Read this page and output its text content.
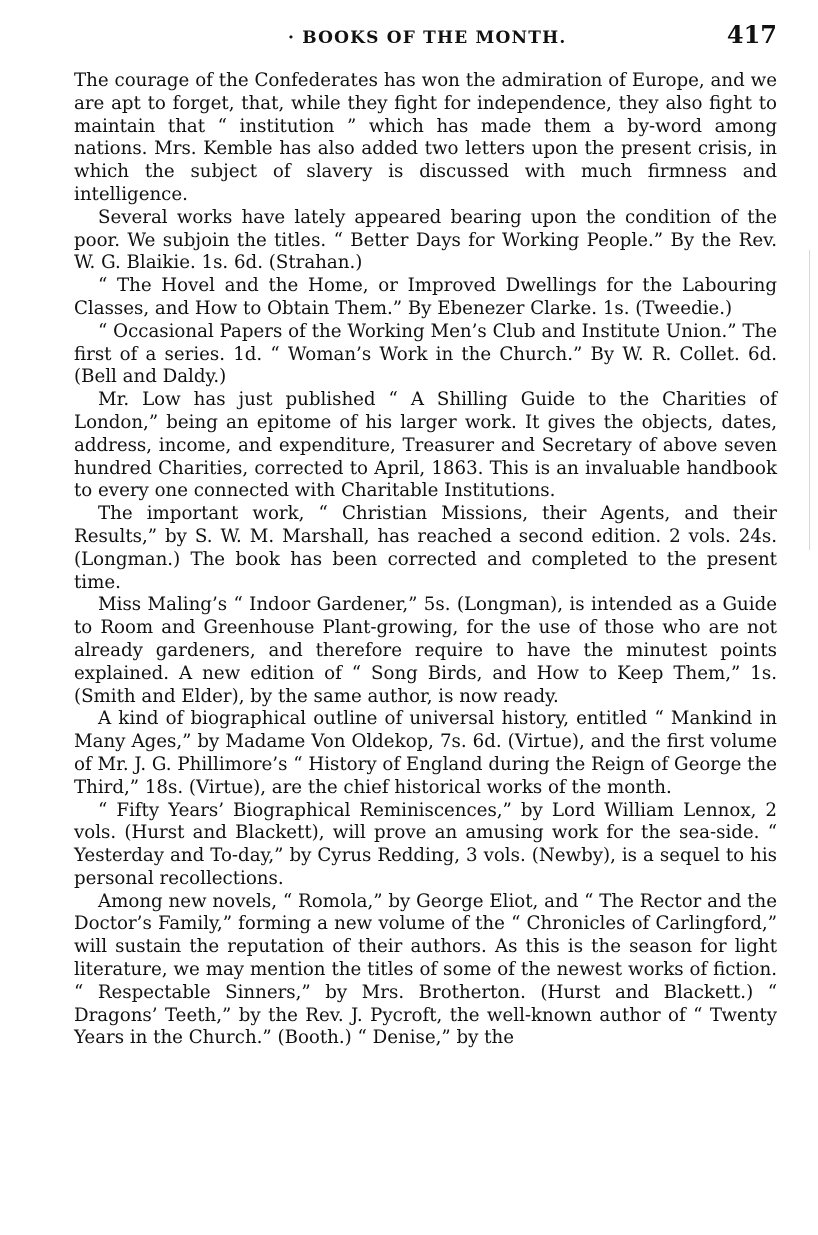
· BOOKS OF THE MONTH.	417

The courage of the Confederates has won the admiration of Europe, and we are apt to forget, that, while they fight for independence, they also fight to maintain that “ institution ” which has made them a by-word among nations. Mrs. Kemble has also added two letters upon the present crisis, in which the subject of slavery is discussed with much firmness and intelligence.

Several works have lately appeared bearing upon the condition of the poor. We subjoin the titles. “ Better Days for Working People.” By the Rev. W. G. Blaikie. 1s. 6d. (Strahan.)

“ The Hovel and the Home, or Improved Dwellings for the Labouring Classes, and How to Obtain Them.” By Ebenezer Clarke. 1s. (Tweedie.)

“ Occasional Papers of the Working Men’s Club and Institute Union.” The first of a series. 1d. “ Woman’s Work in the Church.” By W. R. Collet. 6d. (Bell and Daldy.)

Mr. Low has just published “ A Shilling Guide to the Charities of London,” being an epitome of his larger work. It gives the objects, dates, address, income, and expenditure, Treasurer and Secretary of above seven hundred Charities, corrected to April, 1863. This is an invaluable handbook to every one connected with Charitable Institutions.

The important work, “ Christian Missions, their Agents, and their Results,” by S. W. M. Marshall, has reached a second edition. 2 vols. 24s. (Longman.) The book has been corrected and completed to the present time.

Miss Maling’s “ Indoor Gardener,” 5s. (Longman), is intended as a Guide to Room and Greenhouse Plant-growing, for the use of those who are not already gardeners, and therefore require to have the minutest points explained. A new edition of “ Song Birds, and How to Keep Them,” 1s. (Smith and Elder), by the same author, is now ready.

A kind of biographical outline of universal history, entitled “ Mankind in Many Ages,” by Madame Von Oldekop, 7s. 6d. (Virtue), and the first volume of Mr. J. G. Phillimore’s “ History of England during the Reign of George the Third,” 18s. (Virtue), are the chief historical works of the month.

“ Fifty Years’ Biographical Reminiscences,” by Lord William Lennox, 2 vols. (Hurst and Blackett), will prove an amusing work for the sea-side. “ Yesterday and To-day,” by Cyrus Redding, 3 vols. (Newby), is a sequel to his personal recollections.

Among new novels, “ Romola,” by George Eliot, and “ The Rector and the Doctor’s Family,” forming a new volume of the “ Chronicles of Carlingford,” will sustain the reputation of their authors. As this is the season for light literature, we may mention the titles of some of the newest works of fiction. “ Respectable Sinners,” by Mrs. Brotherton. (Hurst and Blackett.) “ Dragons’ Teeth,” by the Rev. J. Pycroft, the well-known author of “ Twenty Years in the Church.” (Booth.) “ Denise,” by the
